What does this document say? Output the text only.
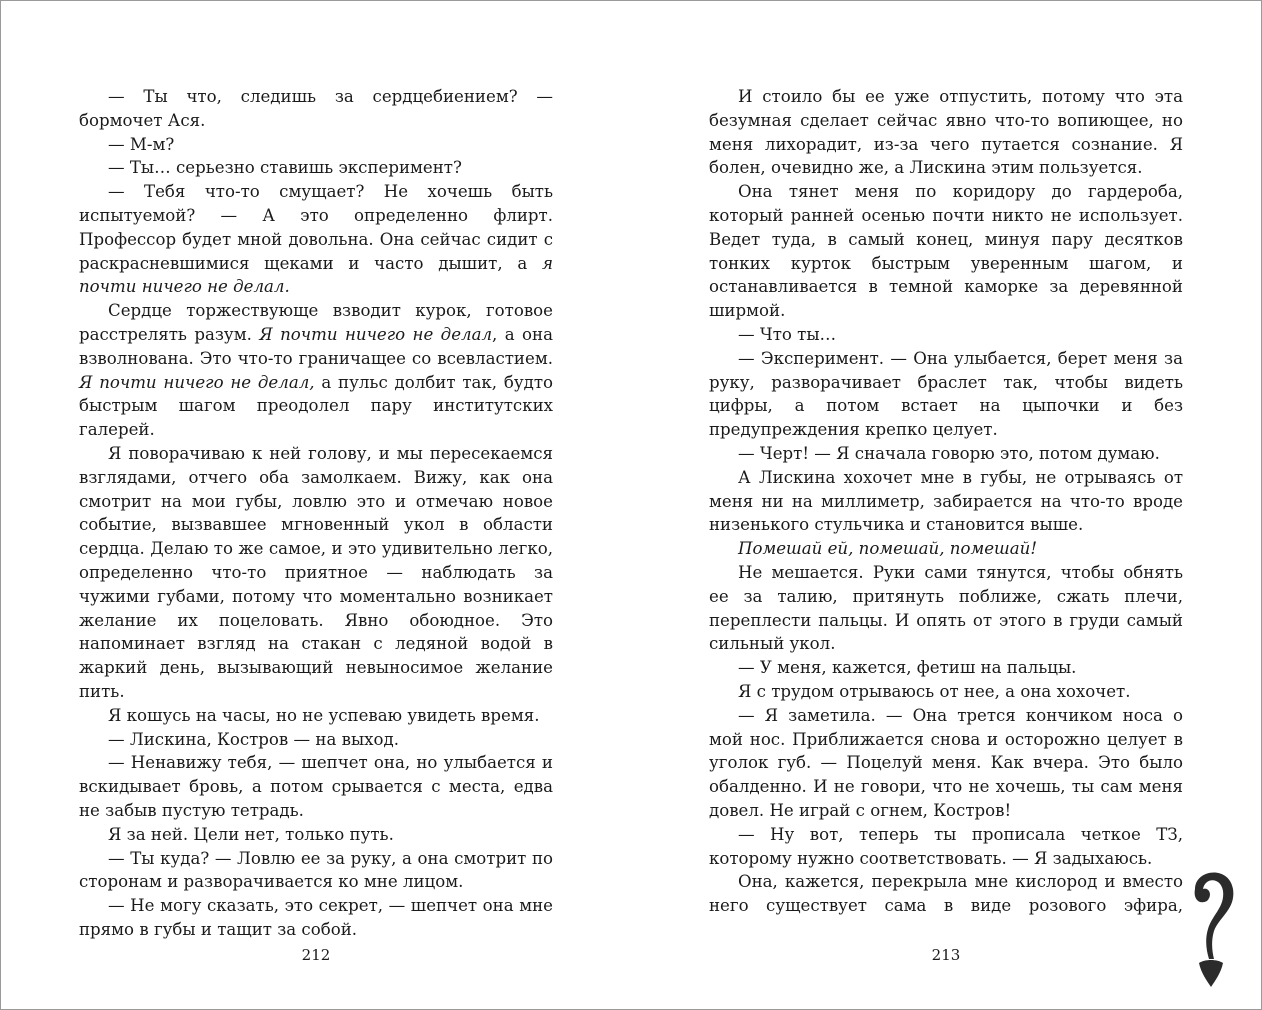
— Ты что, следишь за сердцебиением? — бормочет Ася.

— М-м?

— Ты… серьезно ставишь эксперимент?

— Тебя что-то смущает? Не хочешь быть испытуемой? — А это определенно флирт. Профессор будет мной довольна. Она сейчас сидит с раскрасневшимися щеками и часто дышит, а я почти ничего не делал.

Сердце торжествующе взводит курок, готовое расстрелять разум. Я почти ничего не делал, а она взволнована. Это что-то граничащее со всевластием. Я почти ничего не делал, а пульс долбит так, будто быстрым шагом преодолел пару институтских галерей.

Я поворачиваю к ней голову, и мы пересекаемся взглядами, отчего оба замолкаем. Вижу, как она смотрит на мои губы, ловлю это и отмечаю новое событие, вызвавшее мгновенный укол в области сердца. Делаю то же самое, и это удивительно легко, определенно что-то приятное — наблюдать за чужими губами, потому что моментально возникает желание их поцеловать. Явно обоюдное. Это напоминает взгляд на стакан с ледяной водой в жаркий день, вызывающий невыносимое желание пить.

Я кошусь на часы, но не успеваю увидеть время.

— Лискина, Костров — на выход.

— Ненавижу тебя, — шепчет она, но улыбается и вскидывает бровь, а потом срывается с места, едва не забыв пустую тетрадь.

Я за ней. Цели нет, только путь.

— Ты куда? — Ловлю ее за руку, а она смотрит по сторонам и разворачивается ко мне лицом.

— Не могу сказать, это секрет, — шепчет она мне прямо в губы и тащит за собой.

212

И стоило бы ее уже отпустить, потому что эта безумная сделает сейчас явно что-то вопиющее, но меня лихорадит, из-за чего путается сознание. Я болен, очевидно же, а Лискина этим пользуется.

Она тянет меня по коридору до гардероба, который ранней осенью почти никто не использует. Ведет туда, в самый конец, минуя пару десятков тонких курток быстрым уверенным шагом, и останавливается в темной каморке за деревянной ширмой.

— Что ты…

— Эксперимент. — Она улыбается, берет меня за руку, разворачивает браслет так, чтобы видеть цифры, а потом встает на цыпочки и без предупреждения крепко целует.

— Черт! — Я сначала говорю это, потом думаю.

А Лискина хохочет мне в губы, не отрываясь от меня ни на миллиметр, забирается на что-то вроде низенького стульчика и становится выше.

Помешай ей, помешай, помешай!

Не мешается. Руки сами тянутся, чтобы обнять ее за талию, притянуть поближе, сжать плечи, переплести пальцы. И опять от этого в груди самый сильный укол.

— У меня, кажется, фетиш на пальцы.

Я с трудом отрываюсь от нее, а она хохочет.

— Я заметила. — Она трется кончиком носа о мой нос. Приближается снова и осторожно целует в уголок губ. — Поцелуй меня. Как вчера. Это было обалденно. И не говори, что не хочешь, ты сам меня довел. Не играй с огнем, Костров!

— Ну вот, теперь ты прописала четкое ТЗ, которому нужно соответствовать. — Я задыхаюсь.

Она, кажется, перекрыла мне кислород и вместо него существует сама в виде розового эфира,

213
